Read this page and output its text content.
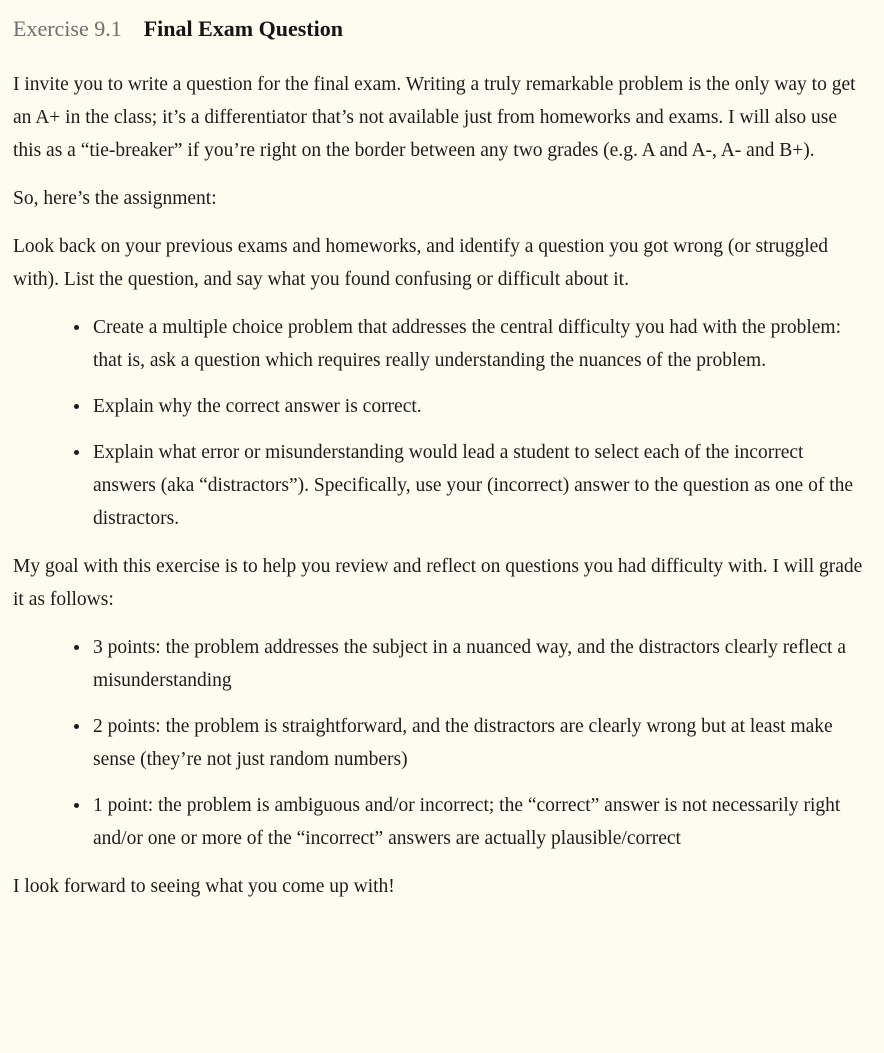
Exercise 9.1 Final Exam Question

I invite you to write a question for the final exam. Writing a truly remarkable problem is the only way to get an A+ in the class; it’s a differentiator that’s not available just from homeworks and exams. I will also use this as a “tie-breaker” if you’re right on the border between any two grades (e.g. A and A-, A- and B+).

So, here’s the assignment:

Look back on your previous exams and homeworks, and identify a question you got wrong (or struggled with). List the question, and say what you found confusing or difficult about it.

• Create a multiple choice problem that addresses the central difficulty you had with the problem: that is, ask a question which requires really understanding the nuances of the problem.
• Explain why the correct answer is correct.
• Explain what error or misunderstanding would lead a student to select each of the incorrect answers (aka “distractors”). Specifically, use your (incorrect) answer to the question as one of the distractors.

My goal with this exercise is to help you review and reflect on questions you had difficulty with. I will grade it as follows:

• 3 points: the problem addresses the subject in a nuanced way, and the distractors clearly reflect a misunderstanding
• 2 points: the problem is straightforward, and the distractors are clearly wrong but at least make sense (they’re not just random numbers)
• 1 point: the problem is ambiguous and/or incorrect; the “correct” answer is not necessarily right and/or one or more of the “incorrect” answers are actually plausible/correct

I look forward to seeing what you come up with!
